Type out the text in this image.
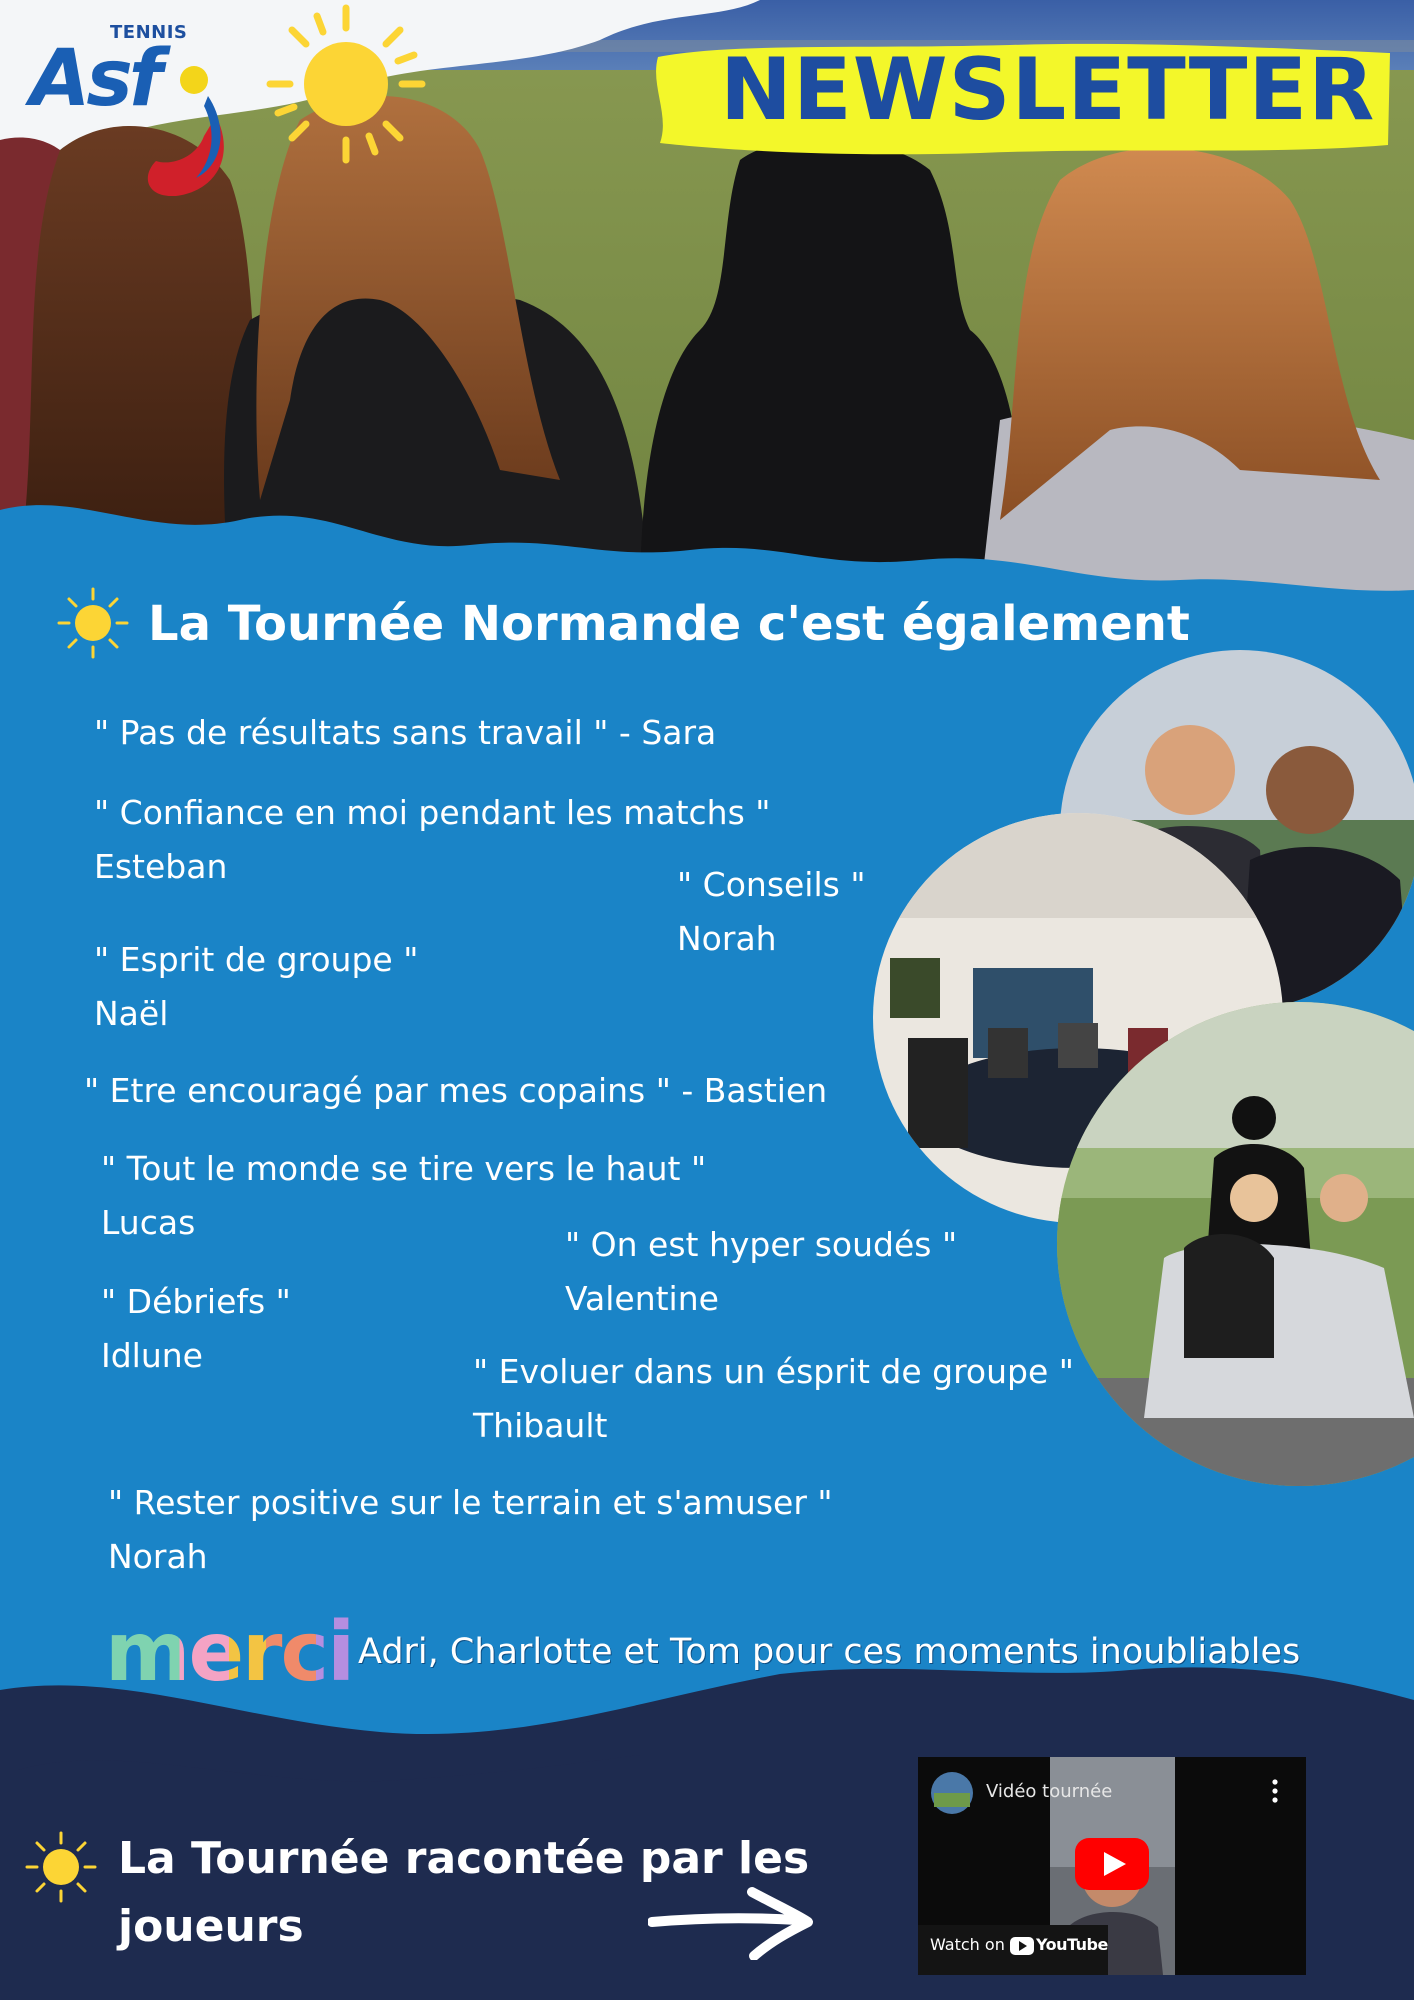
TENNIS
Asf	NEWSLETTER
La Tournée Normande c'est également
" Pas de résultats sans travail " - Sara
" Confiance en moi pendant les matchs "
Esteban	" Conseils "
Norah
" Esprit de groupe "
Naël
" Etre encouragé par mes copains " - Bastien
" Tout le monde se tire vers le haut "
Lucas
" On est hyper soudés "
Valentine
" Débriefs "
Idlune	" Evoluer dans un ésprit de groupe "
Thibault
" Rester positive sur le terrain et s'amuser "
Norah
merci Adri, Charlotte et Tom pour ces moments inoubliables
La Tournée racontée par les joueurs
Vidéo tournée
Watch on YouTube
